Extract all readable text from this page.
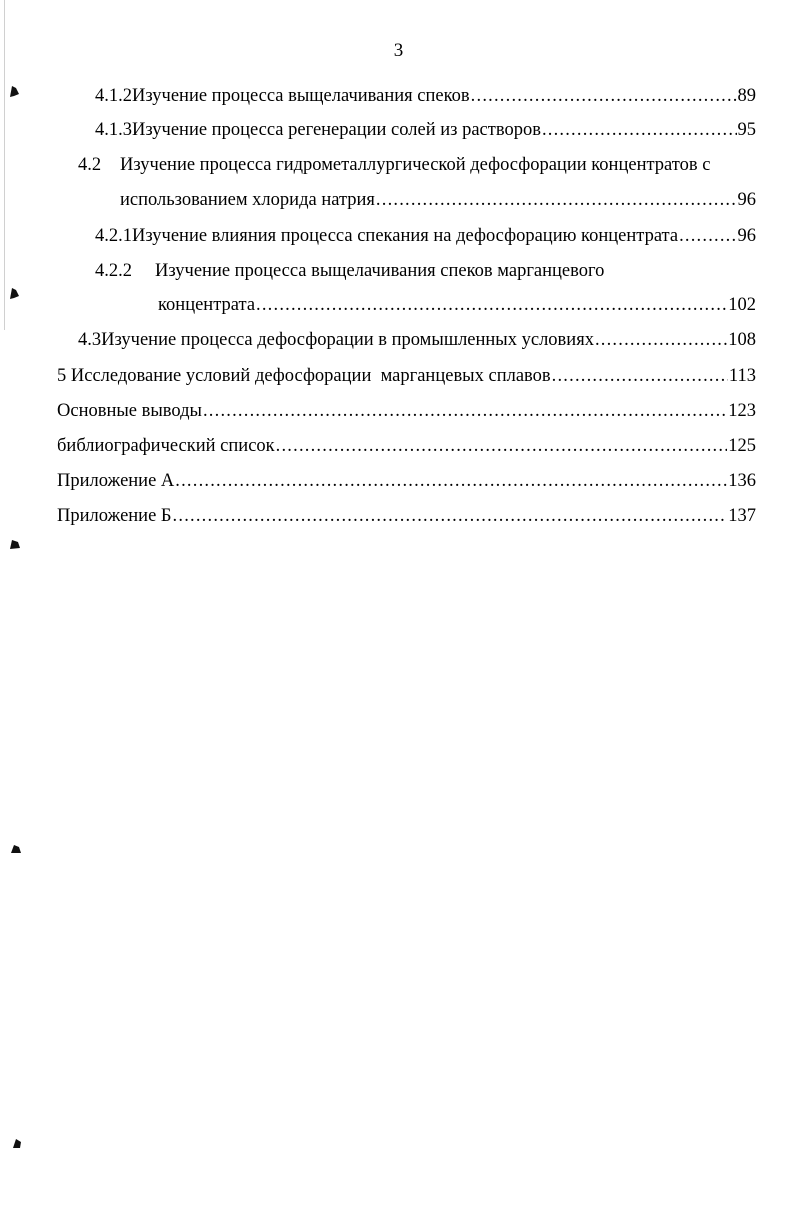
3
4.1.2 Изучение процесса выщелачивания спеков .....	89
4.1.3 Изучение процесса регенерации солей из растворов .....	95
4.2 Изучение процесса гидрометаллургической дефосфорации концентратов с
использованием хлорида натрия .....	96
4.2.1 Изучение влияния процесса спекания на дефосфорацию концентрата .....	96
4.2.2 Изучение процесса выщелачивания спеков марганцевого
концентрата .....	102
4.3 Изучение процесса дефосфорации в промышленных условиях .....	108
5 Исследование условий дефосфорации  марганцевых сплавов .....	113
Основные выводы .....	123
библиографический список .....	125
Приложение А .....	136
Приложение Б .....	137
